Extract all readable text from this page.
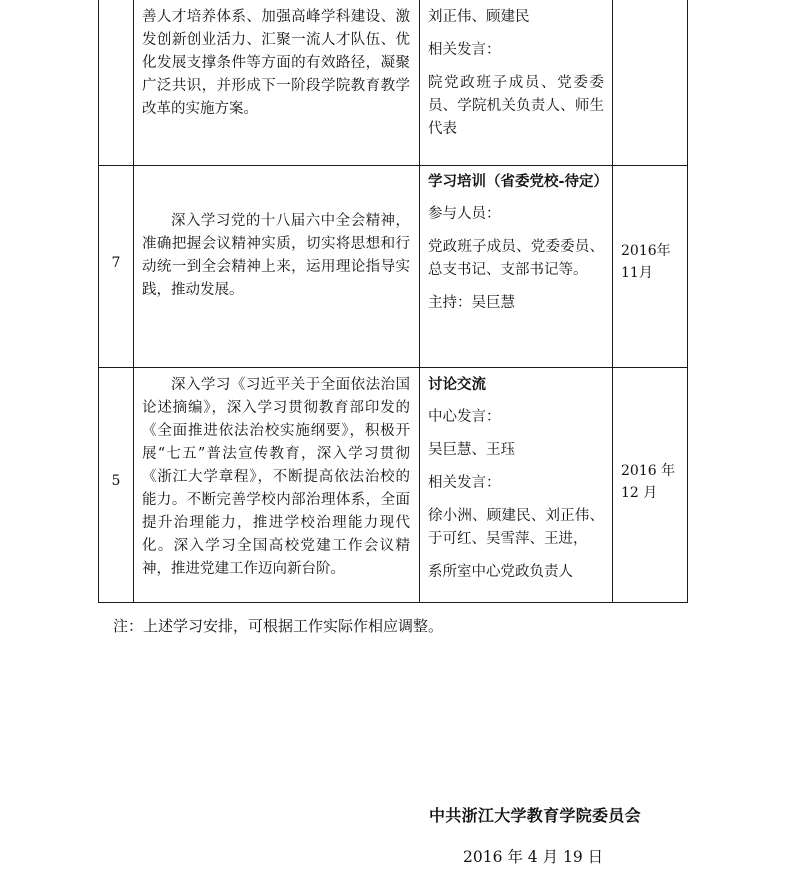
善人才培养体系、加强高峰学科建设、激发创新创业活力、汇聚一流人才队伍、优化发展支撑条件等方面的有效路径，凝聚广泛共识，并形成下一阶段学院教育教学改革的实施方案。

刘正伟、顾建民

相关发言：

院党政班子成员、党委委员、学院机关负责人、师生代表

7

深入学习党的十八届六中全会精神，准确把握会议精神实质，切实将思想和行动统一到全会精神上来，运用理论指导实践，推动发展。

学习培训（省委党校-待定）

参与人员：

党政班子成员、党委委员、总支书记、支部书记等。

主持：吴巨慧

2016年11月
5

深入学习《习近平关于全面依法治国论述摘编》，深入学习贯彻教育部印发的《全面推进依法治校实施纲要》，积极开展“七五”普法宣传教育，深入学习贯彻《浙江大学章程》，不断提高依法治校的能力。不断完善学校内部治理体系，全面提升治理能力，推进学校治理能力现代化。深入学习全国高校党建工作会议精神，推进党建工作迈向新台阶。

讨论交流

中心发言：

吴巨慧、王珏

相关发言：

徐小洲、顾建民、刘正伟、于可红、吴雪萍、王进，

系所室中心党政负责人

2016 年 12 月
注：上述学习安排，可根据工作实际作相应调整。
中共浙江大学教育学院委员会
2016 年 4 月 19 日
